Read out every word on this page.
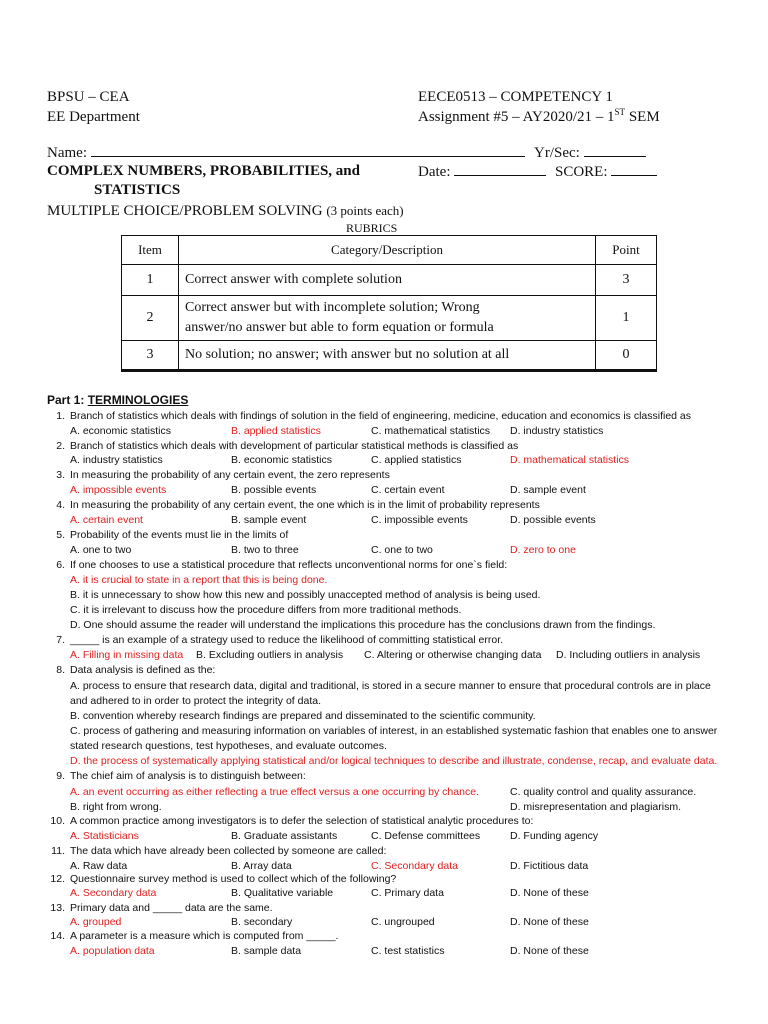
BPSU – CEA
EE Department
EECE0513 – COMPETENCY 1
Assignment #5 – AY2020/21 – 1ST SEM
Name:	Yr/Sec:
COMPLEX NUMBERS, PROBABILITIES, and
STATISTICS
Date:	SCORE:
MULTIPLE CHOICE/PROBLEM SOLVING (3 points each)
RUBRICS
Item	Category/Description	Point
1	Correct answer with complete solution	3
2	Correct answer but with incomplete solution; Wrong
answer/no answer but able to form equation or formula	1
3	No solution; no answer; with answer but no solution at all	0
Part 1: TERMINOLOGIES
1. Branch of statistics which deals with findings of solution in the field of engineering, medicine, education and economics is classified as
A. economic statistics	B. applied statistics	C. mathematical statistics D. industry statistics
2. Branch of statistics which deals with development of particular statistical methods is classified as
A. industry statistics	B. economic statistics	C. applied statistics	D. mathematical statistics
3. In measuring the probability of any certain event, the zero represents
A. impossible events	B. possible events	C. certain event	D. sample event
4. In measuring the probability of any certain event, the one which is in the limit of probability represents
A. certain event	B. sample event	C. impossible events	D. possible events
5. Probability of the events must lie in the limits of
A. one to two	B. two to three	C. one to two	D. zero to one
6. If one chooses to use a statistical procedure that reflects unconventional norms for one`s field:
A. it is crucial to state in a report that this is being done.
B. it is unnecessary to show how this new and possibly unaccepted method of analysis is being used.
C. it is irrelevant to discuss how the procedure differs from more traditional methods.
D. One should assume the reader will understand the implications this procedure has the conclusions drawn from the findings.
7. _____ is an example of a strategy used to reduce the likelihood of committing statistical error.
A. Filling in missing data B. Excluding outliers in analysis C. Altering or otherwise changing data D. Including outliers in analysis
8. Data analysis is defined as the:
A. process to ensure that research data, digital and traditional, is stored in a secure manner to ensure that procedural controls are in place
and adhered to in order to protect the integrity of data.
B. convention whereby research findings are prepared and disseminated to the scientific community.
C. process of gathering and measuring information on variables of interest, in an established systematic fashion that enables one to answer
stated research questions, test hypotheses, and evaluate outcomes.
D. the process of systematically applying statistical and/or logical techniques to describe and illustrate, condense, recap, and evaluate data.
9. The chief aim of analysis is to distinguish between:
A. an event occurring as either reflecting a true effect versus a one occurring by chance.	C. quality control and quality assurance.
B. right from wrong.	D. misrepresentation and plagiarism.
10. A common practice among investigators is to defer the selection of statistical analytic procedures to:
A. Statisticians	B. Graduate assistants	C. Defense committees	D. Funding agency
11. The data which have already been collected by someone are called:
A. Raw data	B. Array data	C. Secondary data	D. Fictitious data
12. Questionnaire survey method is used to collect which of the following?
A. Secondary data	B. Qualitative variable	C. Primary data	D. None of these
13. Primary data and _____ data are the same.
A. grouped	B. secondary	C. ungrouped	D. None of these
14. A parameter is a measure which is computed from _____.
A. population data	B. sample data	C. test statistics	D. None of these
